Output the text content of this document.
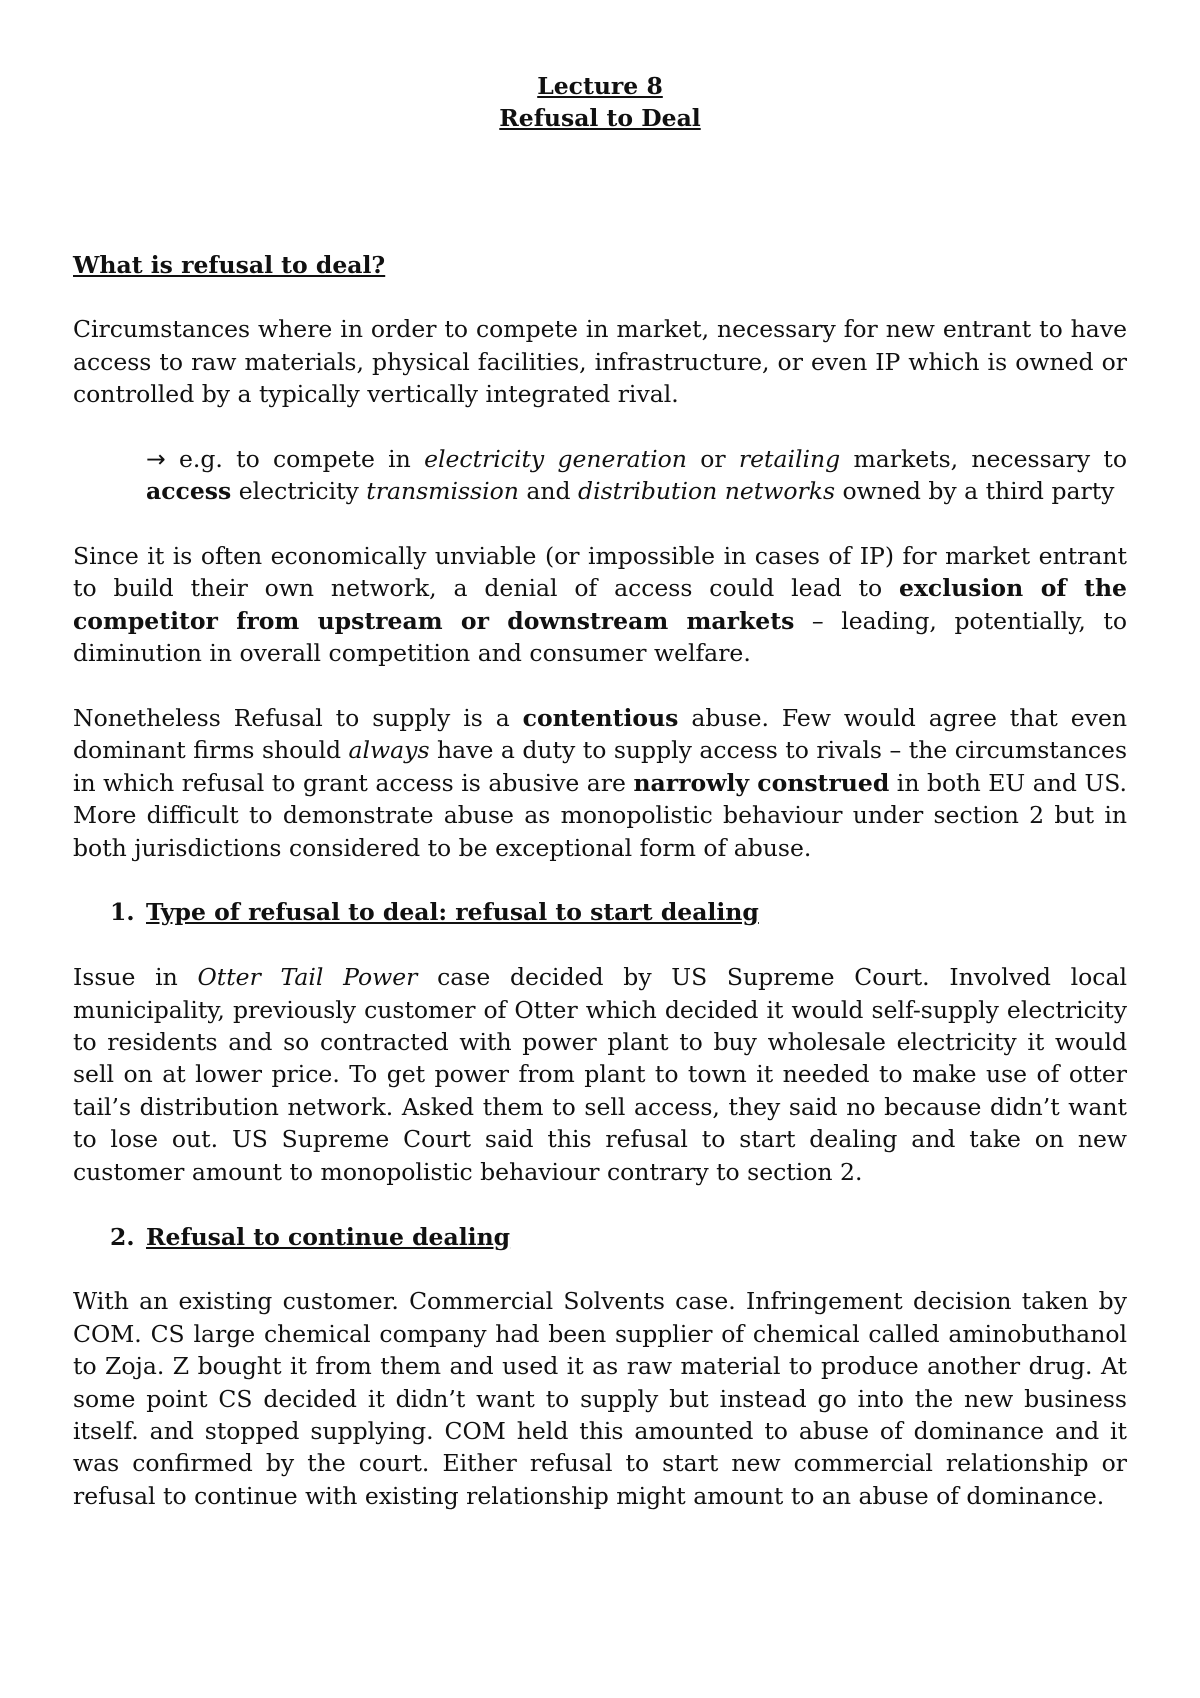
Lecture 8
Refusal to Deal
What is refusal to deal?

Circumstances where in order to compete in market, necessary for new entrant to have access to raw materials, physical facilities, infrastructure, or even IP which is owned or controlled by a typically vertically integrated rival.

→ e.g. to compete in electricity generation or retailing markets, necessary to access electricity transmission and distribution networks owned by a third party

Since it is often economically unviable (or impossible in cases of IP) for market entrant to build their own network, a denial of access could lead to exclusion of the competitor from upstream or downstream markets – leading, potentially, to diminution in overall competition and consumer welfare.

Nonetheless Refusal to supply is a contentious abuse. Few would agree that even dominant firms should always have a duty to supply access to rivals – the circumstances in which refusal to grant access is abusive are narrowly construed in both EU and US. More difficult to demonstrate abuse as monopolistic behaviour under section 2 but in both jurisdictions considered to be exceptional form of abuse.

1. Type of refusal to deal: refusal to start dealing

Issue in Otter Tail Power case decided by US Supreme Court. Involved local municipality, previously customer of Otter which decided it would self-supply electricity to residents and so contracted with power plant to buy wholesale electricity it would sell on at lower price. To get power from plant to town it needed to make use of otter tail’s distribution network. Asked them to sell access, they said no because didn’t want to lose out. US Supreme Court said this refusal to start dealing and take on new customer amount to monopolistic behaviour contrary to section 2.

2. Refusal to continue dealing

With an existing customer. Commercial Solvents case. Infringement decision taken by COM. CS large chemical company had been supplier of chemical called aminobuthanol to Zoja. Z bought it from them and used it as raw material to produce another drug. At some point CS decided it didn’t want to supply but instead go into the new business itself. and stopped supplying. COM held this amounted to abuse of dominance and it was confirmed by the court. Either refusal to start new commercial relationship or refusal to continue with existing relationship might amount to an abuse of dominance.
